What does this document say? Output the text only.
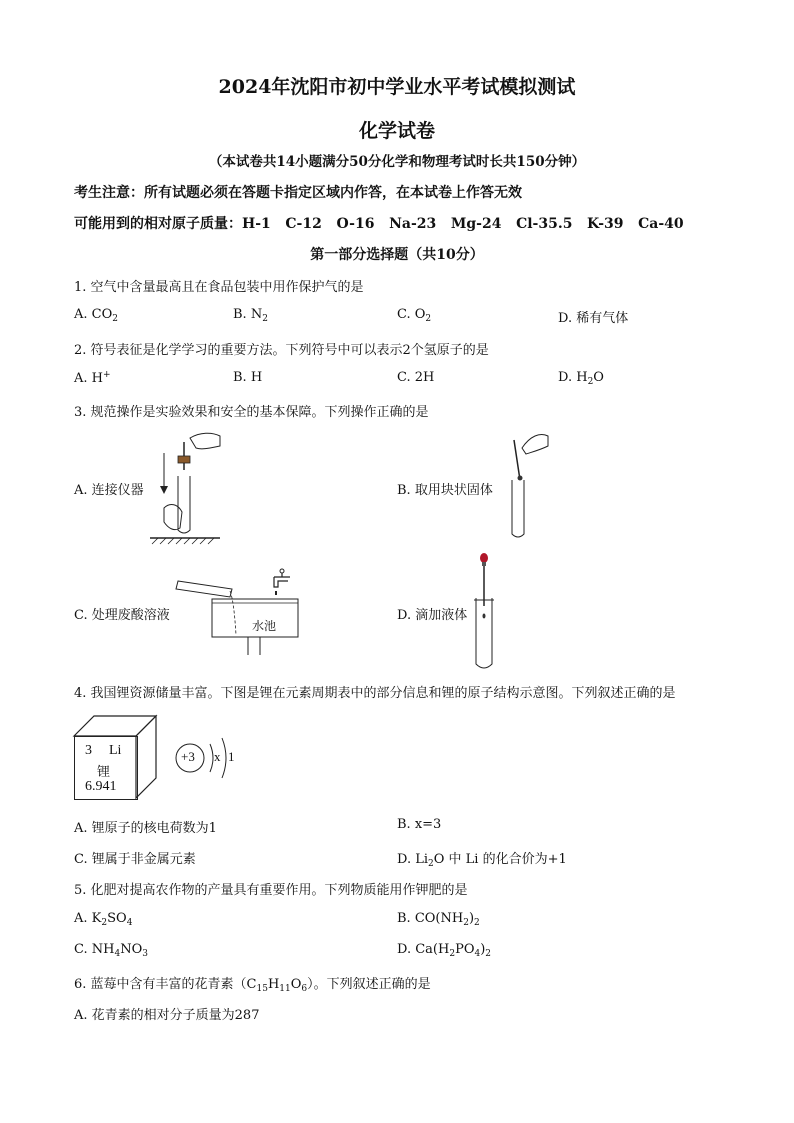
2024年沈阳市初中学业水平考试模拟测试
化学试卷
（本试卷共14小题满分50分化学和物理考试时长共150分钟）
考生注意：所有试题必须在答题卡指定区域内作答，在本试卷上作答无效
可能用到的相对原子质量：H-1   C-12   O-16   Na-23   Mg-24   Cl-35.5   K-39   Ca-40
第一部分选择题（共10分）
1. 空气中含量最高且在食品包装中用作保护气的是
A. $CO_2$	B. $N_2$	C. $O_2$	D. 稀有气体
2. 符号表征是化学学习的重要方法。下列符号中可以表示2个氢原子的是
A. H+	B. H	C. 2H	D. $H_2O$
3. 规范操作是实验效果和安全的基本保障。下列操作正确的是
A. 连接仪器	B. 取用块状固体
C. 处理废酸溶液	D. 滴加液体
水池
4. 我国锂资源储量丰富。下图是锂在元素周期表中的部分信息和锂的原子结构示意图。下列叙述正确的是
3 Li
锂
6.941
+3 x 1
A. 锂原子的核电荷数为1	B. x=3
C. 锂属于非金属元素	D. $Li_2O$ 中 Li 的化合价为+1
5. 化肥对提高农作物的产量具有重要作用。下列物质能用作钾肥的是
A. $K_2SO_4$	B. $CO(NH_2)_2$
C. $NH_4NO_3$	D. $Ca(H_2PO_4)_2$
6. 蓝莓中含有丰富的花青素$(C_{15}H_{11}O_6)$。下列叙述正确的是
A. 花青素的相对分子质量为287
